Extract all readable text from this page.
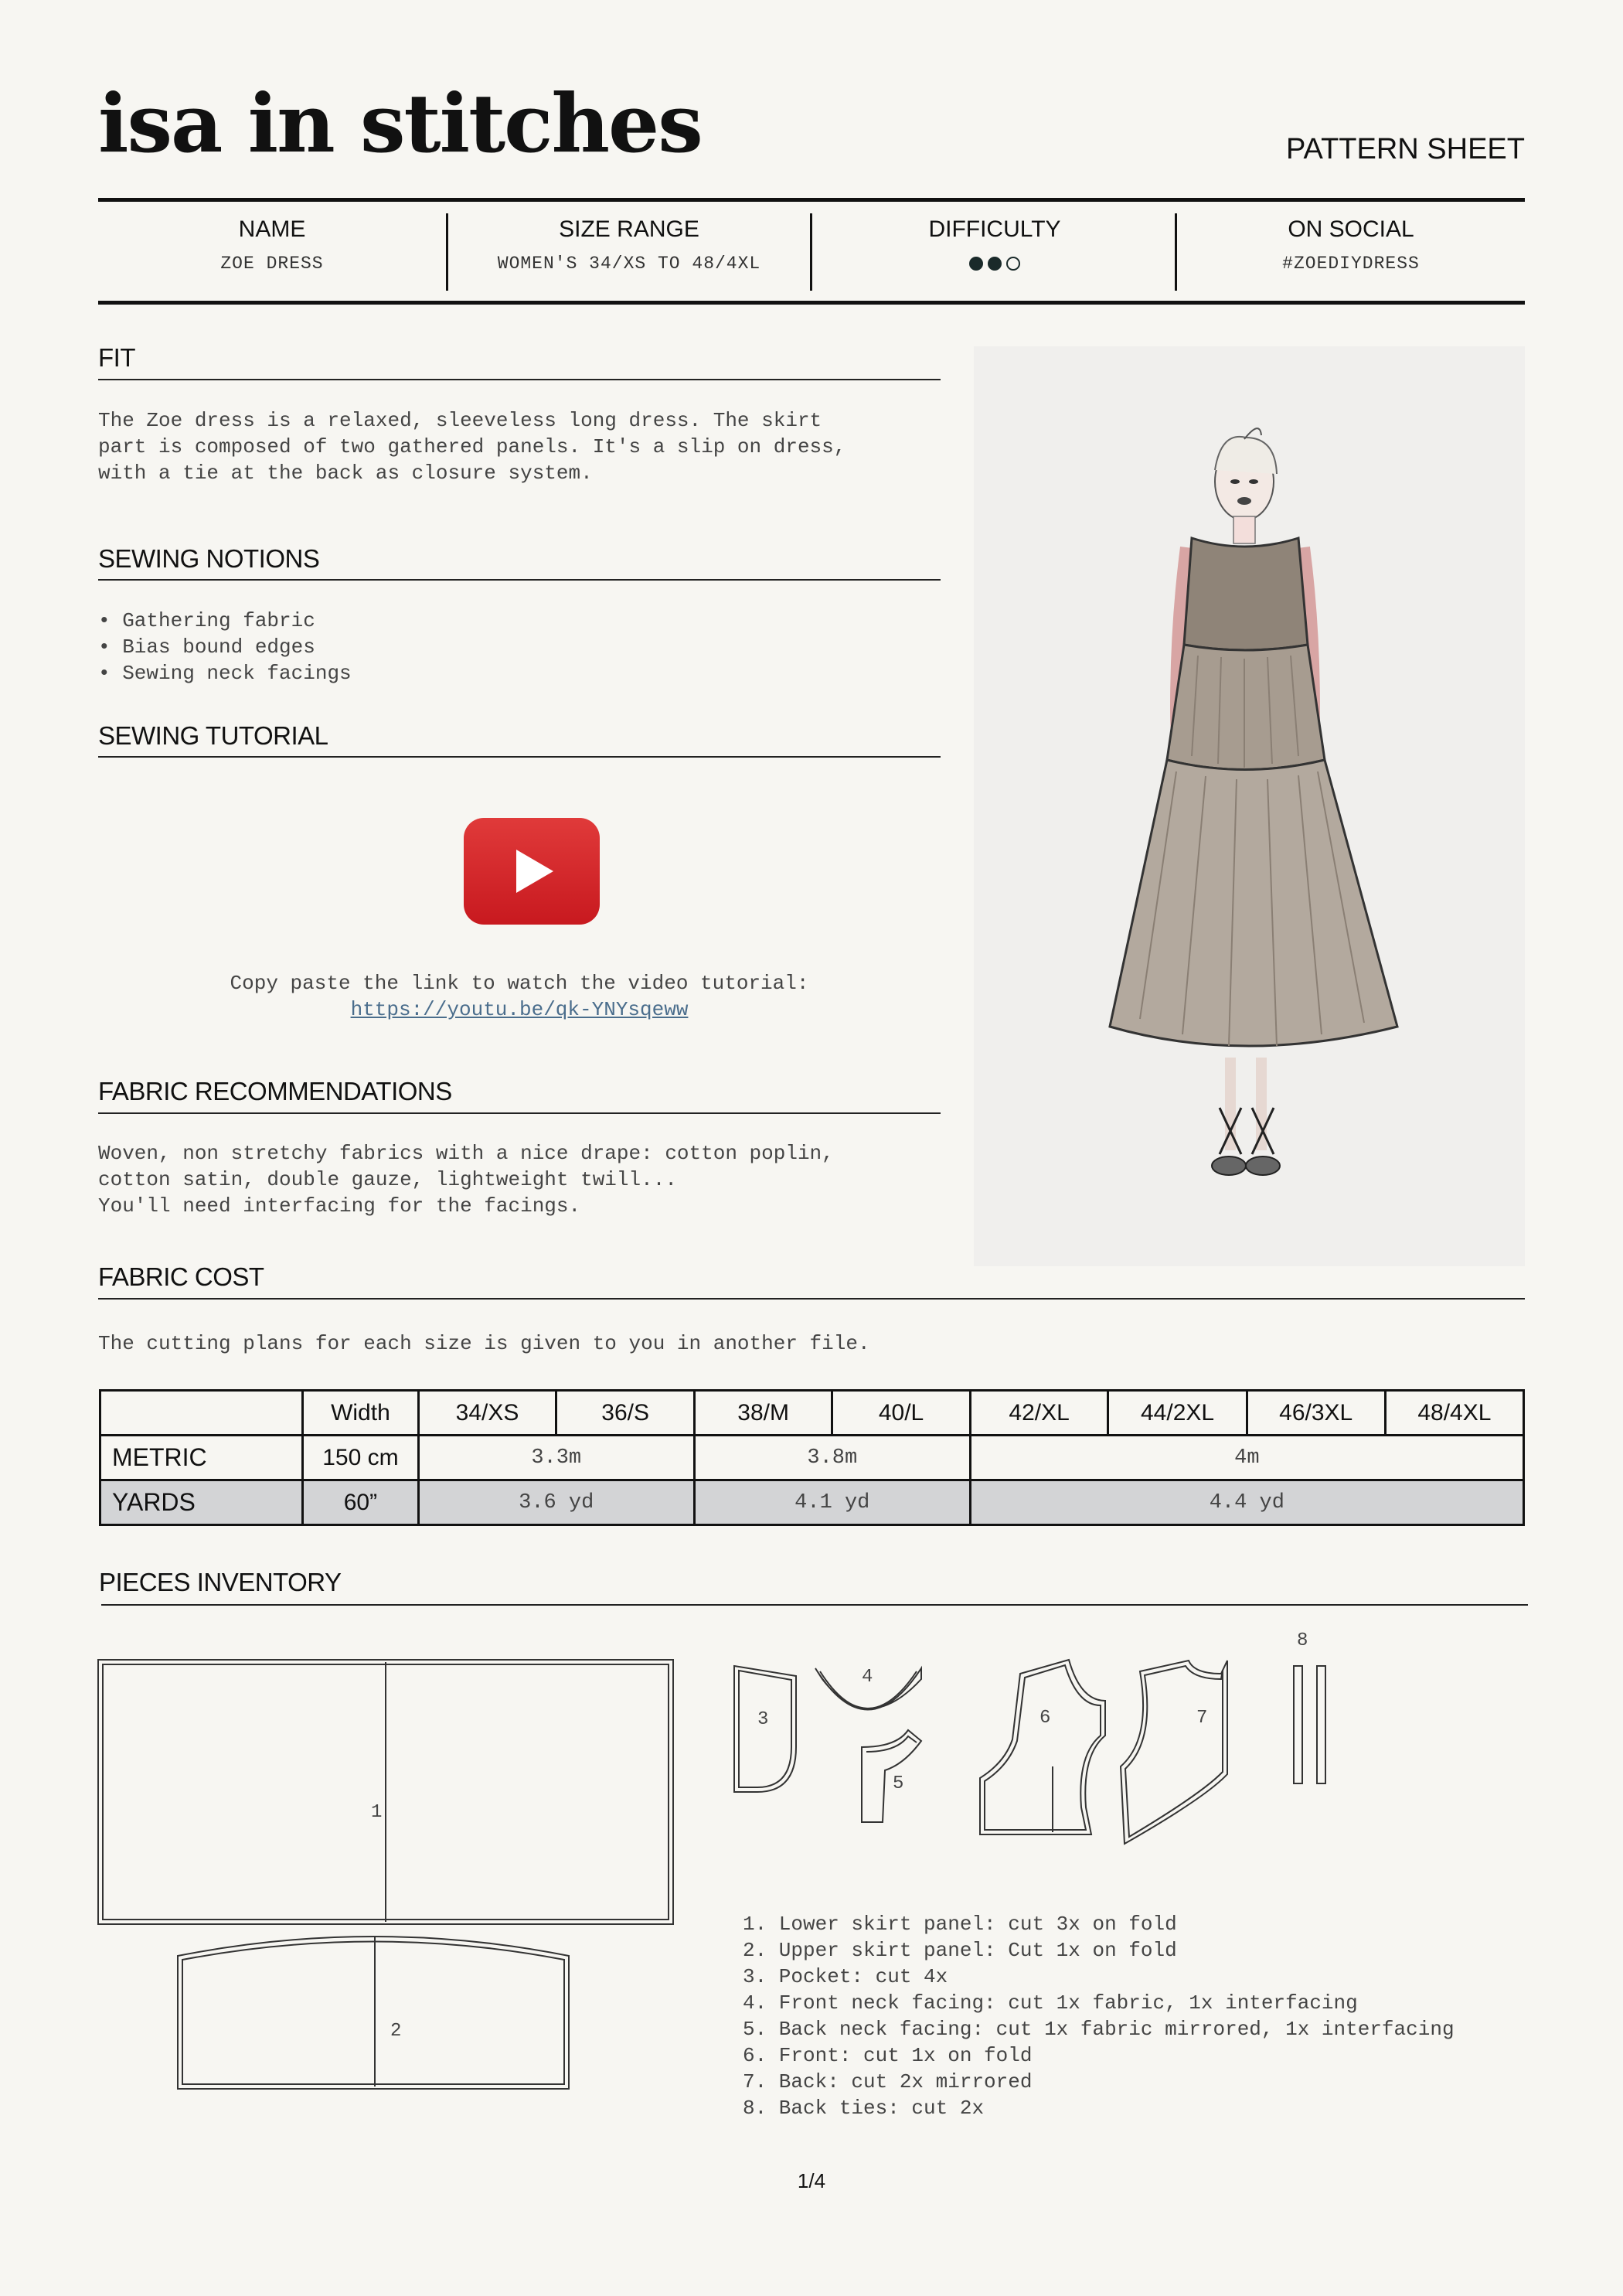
isa in stitches	PATTERN SHEET
NAME
ZOE DRESS
SIZE RANGE
WOMEN'S 34/XS TO 48/4XL
DIFFICULTY	ON SOCIAL
#ZOEDIYDRESS
FIT
The Zoe dress is a relaxed, sleeveless long dress. The skirt
part is composed of two gathered panels. It's a slip on dress,
with a tie at the back as closure system.
SEWING NOTIONS
• Gathering fabric
• Bias bound edges
• Sewing neck facings
SEWING TUTORIAL
Copy paste the link to watch the video tutorial:
https://youtu.be/qk-YNYsqeww
FABRIC RECOMMENDATIONS
Woven, non stretchy fabrics with a nice drape: cotton poplin,
cotton satin, double gauze, lightweight twill...
You'll need interfacing for the facings.
FABRIC COST
The cutting plans for each size is given to you in another file.
	Width	34/XS	36/S	38/M	40/L	42/XL	44/2XL	46/3XL	48/4XL
METRIC	150 cm	3.3m		3.8m		4m			
YARDS	60”	3.6 yd		4.1 yd		4.4 yd			
PIECES INVENTORY
1
2
3
4
5
6	7
8
1. Lower skirt panel: cut 3x on fold
2. Upper skirt panel: Cut 1x on fold
3. Pocket: cut 4x
4. Front neck facing: cut 1x fabric, 1x interfacing
5. Back neck facing: cut 1x fabric mirrored, 1x interfacing
6. Front: cut 1x on fold
7. Back: cut 2x mirrored
8. Back ties: cut 2x
1/4
